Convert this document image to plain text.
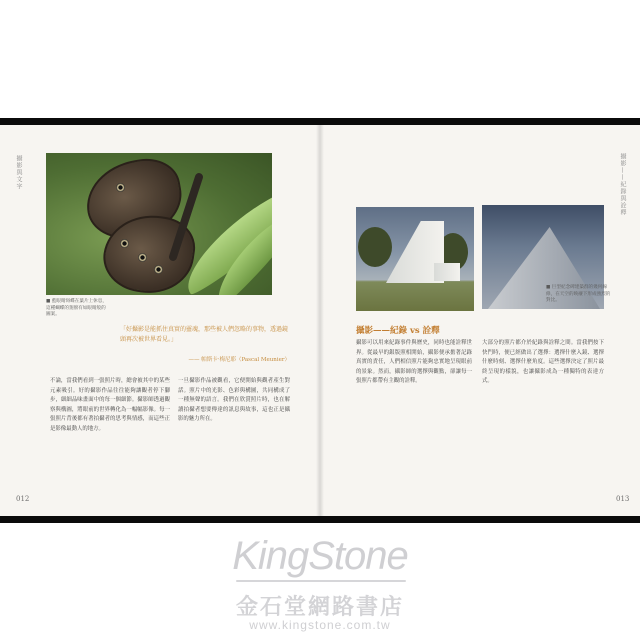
攝影與文字
■ 藍眼睛斑蝶在葉片上休息，這種蝴蝶的翅膀有如眼睛般的圖案。
「好攝影是能抓住真實的靈魂，那些被人們忽略的事物，透過鏡頭再次被世界看見。」
—— 帕斯卡·梅尼耶（Pascal Meunier）
不論，當我們看到一張照片時，總會被其中的某些元素吸引。好的攝影作品往往能夠讓觀者停下腳步，細細品味畫面中的每一個細節。攝影師透過觀察與構圖，將眼前的世界轉化為一幅幅影像。每一張照片背後都有著拍攝者的思考與情感，而這些正是影像最動人的地方。
一旦攝影作品被觀看，它便開始與觀者產生對話。照片中的光影、色彩與構圖，共同構成了一種無聲的語言。我們在欣賞照片時，也在解讀拍攝者想要傳達的訊息與故事，這也正是攝影的魅力所在。
012
攝影——紀錄與詮釋
■ 巨型紀念碑建築群的幾何線條，在天空的映襯下形成強烈的對比。
攝影——紀錄 vs 詮釋
攝影可以用來紀錄事件與歷史，同時也能詮釋世界。從最早的銀版照相開始，攝影便承擔著記錄真實的責任，人們相信照片能夠忠實地呈現眼前的景象。然而，攝影師的選擇與觀點，卻讓每一張照片都帶有主觀的詮釋。
大部分的照片都介於紀錄與詮釋之間。當我們按下快門時，便已經做出了選擇：選擇什麼入鏡、選擇什麼時刻、選擇什麼角度。這些選擇決定了照片最終呈現的樣貌，也讓攝影成為一種獨特的表達方式。
013
KingStone
金石堂網路書店
www.kingstone.com.tw
